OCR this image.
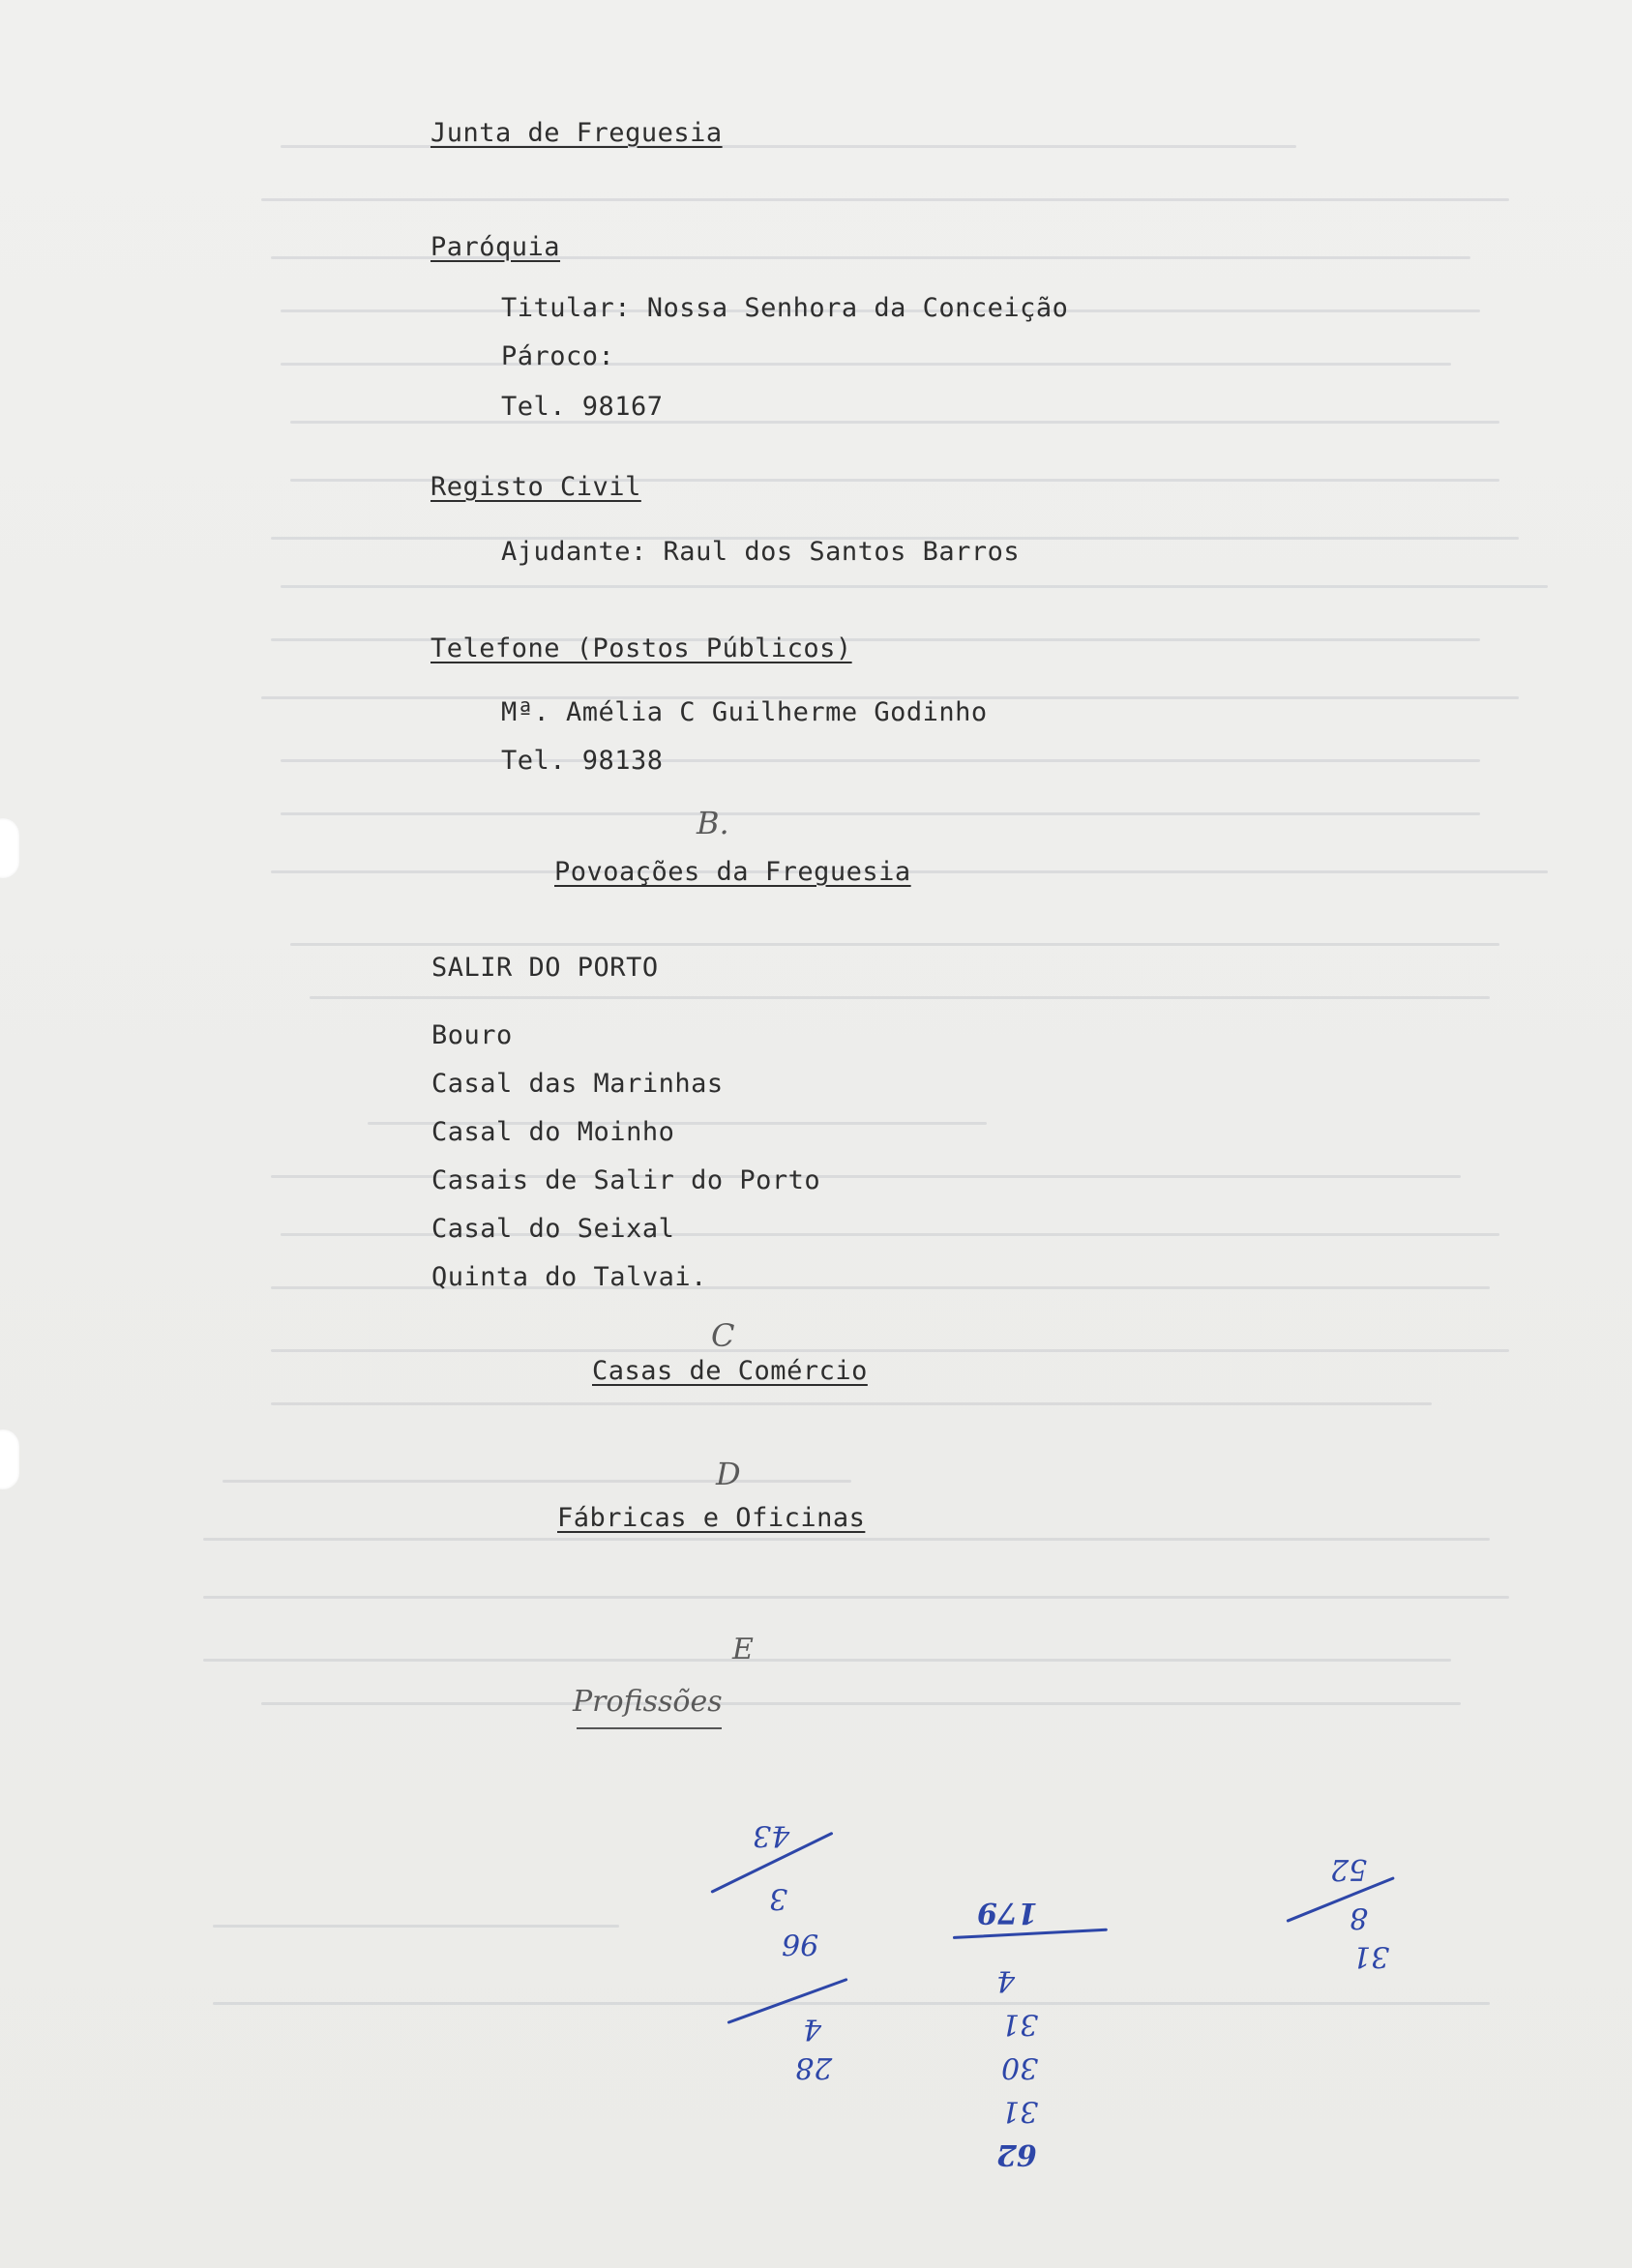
Junta de Freguesia
Paróquia
Titular: Nossa Senhora da Conceição
Pároco:
Tel. 98167
Registo Civil
Ajudante: Raul dos Santos Barros
Telefone (Postos Públicos)
Mª. Amélia C Guilherme Godinho
Tel. 98138
Povoações da Freguesia
SALIR DO PORTO
Bouro
Casal das Marinhas
Casal do Moinho
Casais de Salir do Porto
Casal do Seixal
Quinta do Talvai.
Casas de Comércio
Fábricas e Oficinas
B.
C
D
E
Profissões
43
3
96
4
28
179
4
31
30
31
62
52
8
31
